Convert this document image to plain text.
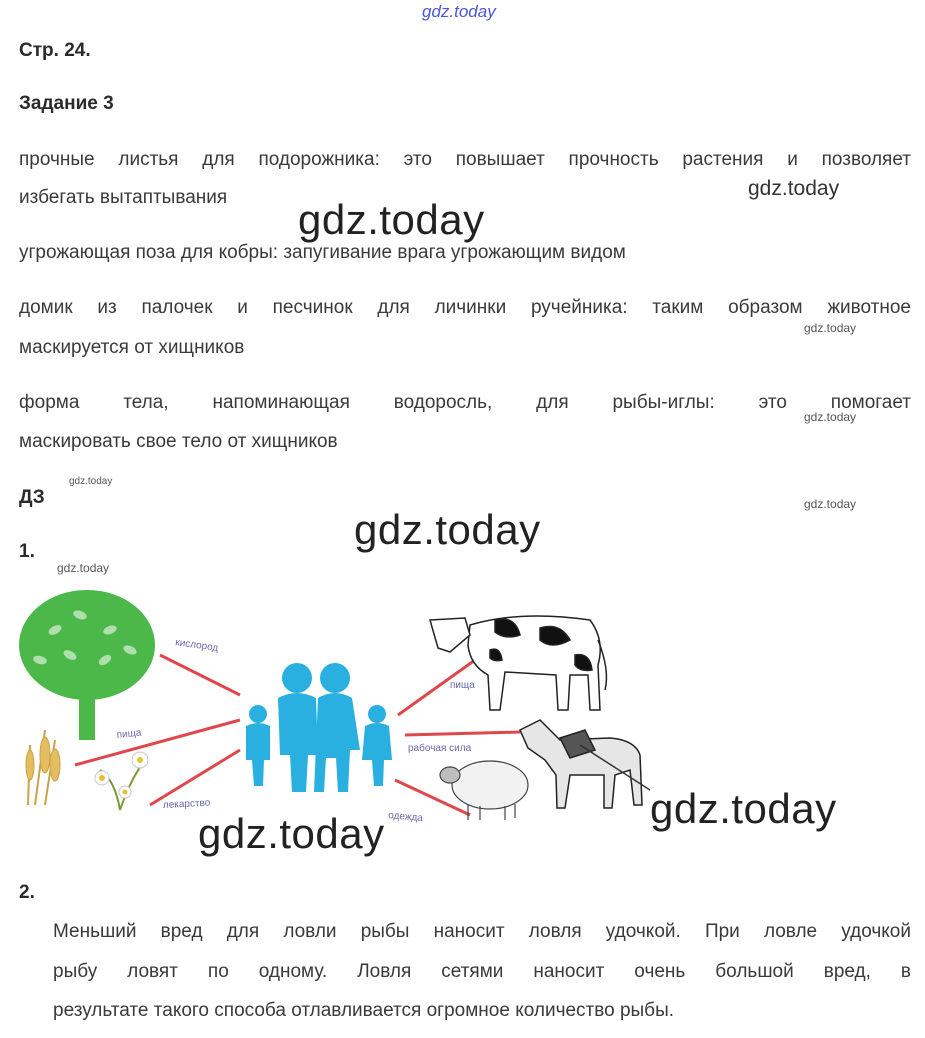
gdz.today
Стр. 24.
Задание 3
прочные листья для подорожника: это повышает прочность растения и позволяет
избегать вытаптывания
угрожающая поза для кобры: запугивание врага угрожающим видом
домик из палочек и песчинок для личинки ручейника: таким образом животное
маскируется от хищников
форма тела, напоминающая водоросль, для рыбы-иглы: это помогает
маскировать свое тело от хищников
gdz.today
gdz.today
gdz.today
gdz.today
ДЗ
gdz.today
gdz.today
gdz.today
1.
gdz.today
кислород
пища
лекарство
пища
рабочая сила
одежда
gdz.today
gdz.today
2.
Меньший вред для ловли рыбы наносит ловля удочкой. При ловле удочкой
рыбу ловят по одному. Ловля сетями наносит очень большой вред, в
результате такого способа отлавливается огромное количество рыбы.
